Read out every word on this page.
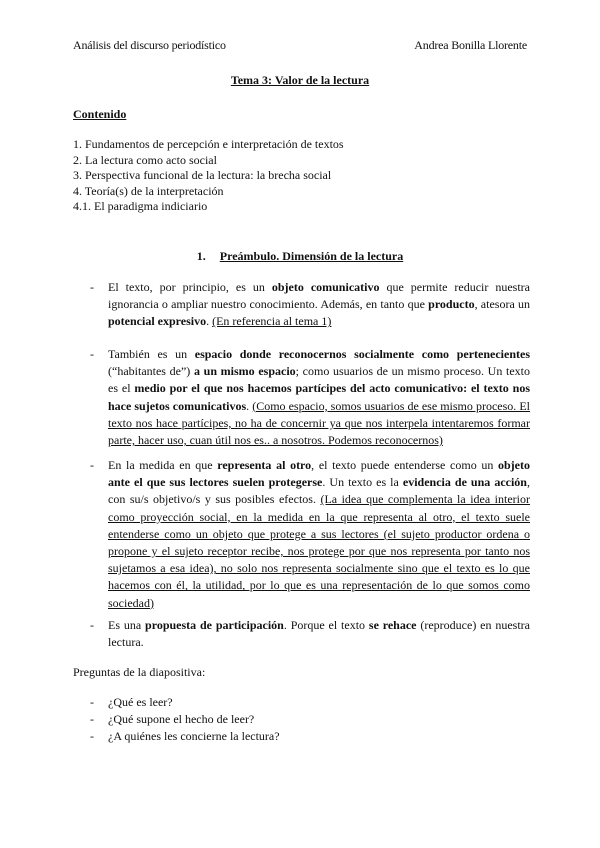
Análisis del discurso periodístico	Andrea Bonilla Llorente
Tema 3: Valor de la lectura
Contenido
1. Fundamentos de percepción e interpretación de textos
2. La lectura como acto social
3. Perspectiva funcional de la lectura: la brecha social
4. Teoría(s) de la interpretación
4.1. El paradigma indiciario
1. Preámbulo. Dimensión de la lectura
- El texto, por principio, es un objeto comunicativo que permite reducir nuestra ignorancia o ampliar nuestro conocimiento. Además, en tanto que producto, atesora un potencial expresivo. (En referencia al tema 1)
- También es un espacio donde reconocernos socialmente como pertenecientes (“habitantes de”) a un mismo espacio; como usuarios de un mismo proceso. Un texto es el medio por el que nos hacemos partícipes del acto comunicativo: el texto nos hace sujetos comunicativos. (Como espacio, somos usuarios de ese mismo proceso. El texto nos hace partícipes, no ha de concernir ya que nos interpela intentaremos formar parte, hacer uso, cuan útil nos es.. a nosotros. Podemos reconocernos)
- En la medida en que representa al otro, el texto puede entenderse como un objeto ante el que sus lectores suelen protegerse. Un texto es la evidencia de una acción, con su/s objetivo/s y sus posibles efectos. (La idea que complementa la idea interior como proyección social, en la medida en la que representa al otro, el texto suele entenderse como un objeto que protege a sus lectores (el sujeto productor ordena o propone y el sujeto receptor recibe, nos protege por que nos representa por tanto nos sujetamos a esa idea), no solo nos representa socialmente sino que el texto es lo que hacemos con él, la utilidad, por lo que es una representación de lo que somos como sociedad)
- Es una propuesta de participación. Porque el texto se rehace (reproduce) en nuestra lectura.
Preguntas de la diapositiva:
- ¿Qué es leer?
- ¿Qué supone el hecho de leer?
- ¿A quiénes les concierne la lectura?
